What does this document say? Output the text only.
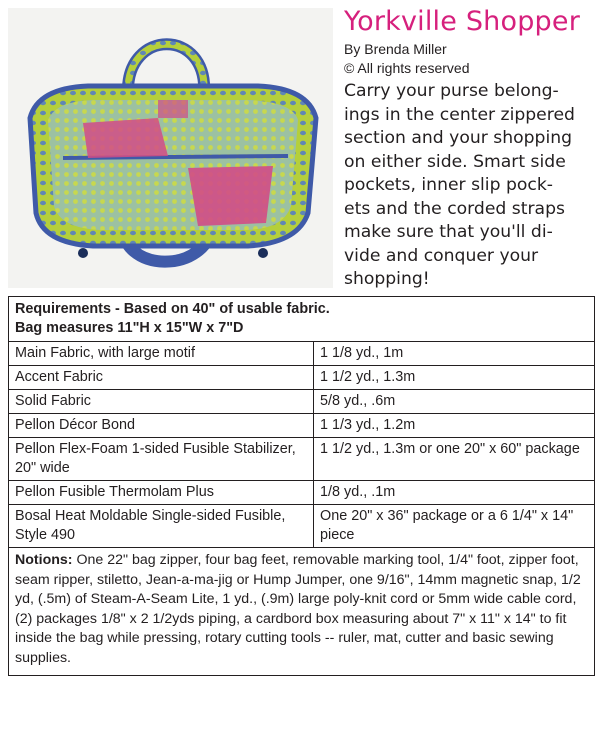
Yorkville Shopper
By Brenda Miller
© All rights reserved
Carry your purse belong-
ings in the center zippered
section and your shopping
on either side. Smart side
pockets, inner slip pock-
ets and the corded straps
make sure that you'll di-
vide and conquer your
shopping!
Requirements - Based on 40" of usable fabric.
Bag measures 11"H x 15"W x 7"D	

Main Fabric, with large motif	1 1/8 yd., 1m
Accent Fabric	1 1/2 yd., 1.3m
Solid Fabric	5/8 yd., .6m
Pellon Décor Bond	1 1/3 yd., 1.2m
Pellon Flex-Foam 1-sided Fusible Stabilizer, 20" wide	1 1/2 yd., 1.3m or one 20" x 60" package
Pellon Fusible Thermolam Plus	1/8 yd., .1m
Bosal Heat Moldable Single-sided Fusible, Style 490	One 20" x 36" package or a 6 1/4" x 14" piece
Notions: One 22" bag zipper, four bag feet, removable marking tool, 1/4" foot, zipper foot, seam ripper, stiletto, Jean-a-ma-jig or Hump Jumper, one 9/16", 14mm magnetic snap, 1/2 yd, (.5m) of Steam-A-Seam Lite, 1 yd., (.9m) large poly-knit cord or 5mm wide cable cord, (2) packages 1/8" x 2 1/2yds piping, a cardbord box measuring about 7" x 11" x 14" to fit inside the bag while pressing, rotary cutting tools -- ruler, mat, cutter and basic sewing supplies.
